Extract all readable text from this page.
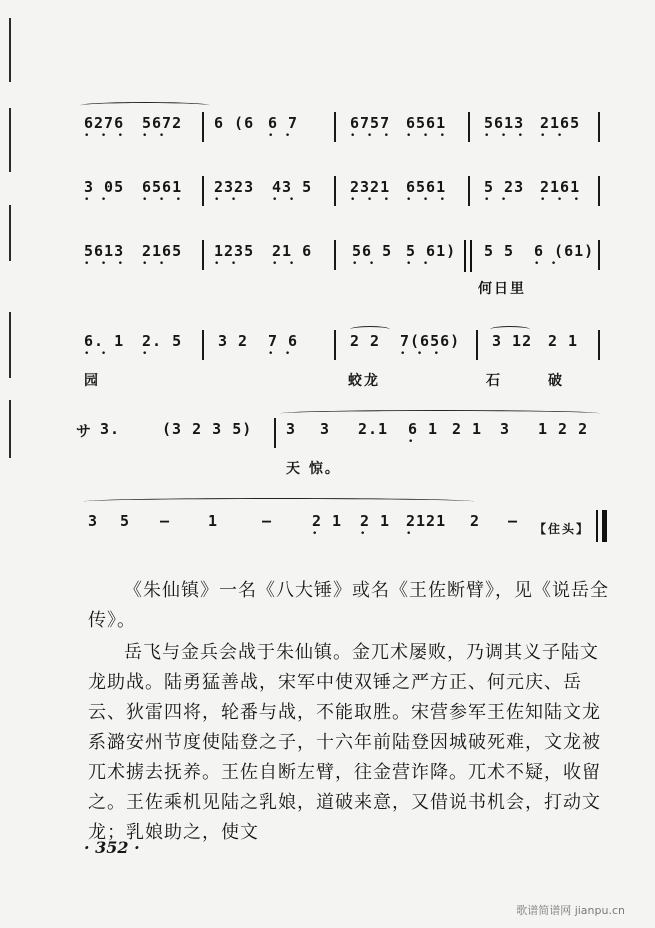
6276
• • •
5672
• •
6 (6 6 7
• •
6757
• • •
6561
• • •
5613
• • •
2165
• •
3 05
• •
6561
• • •
2323
• •
43 5
• •
2321
• • •
6561
• • •
5 23
• •
2161
• • •
5613
• • •
2165
• •
1235
• •
21 6
• •
56 5
• •
5 61)
• •
5 5 6 (61)
• •
何日里
6. 1
• •
2. 5
•
3 2 7 6
• •
2 2 7(656)
• • •
3 12 2 1
园	蛟龙	石	破
サ 3.	(3 2 3 5) 3 3 2.1 6 1
•
2 1 3 1 2 2
天 惊。
3 5 –	1	–	2 1
•
2 1
•
2121
•
2 – 【住头】
《朱仙镇》一名《八大锤》或名《王佐断臂》，见《说岳全传》。
岳飞与金兵会战于朱仙镇。金兀术屡败，乃调其义子陆文龙助战。陆勇猛善战，宋军中使双锤之严方正、何元庆、岳云、狄雷四将，轮番与战，不能取胜。宋营参军王佐知陆文龙系潞安州节度使陆登之子，十六年前陆登因城破死难，文龙被兀术掳去抚养。王佐自断左臂，往金营诈降。兀术不疑，收留之。王佐乘机见陆之乳娘，道破来意，又借说书机会，打动文龙；乳娘助之，使文
· 352 ·
歌谱简谱网 jianpu.cn
